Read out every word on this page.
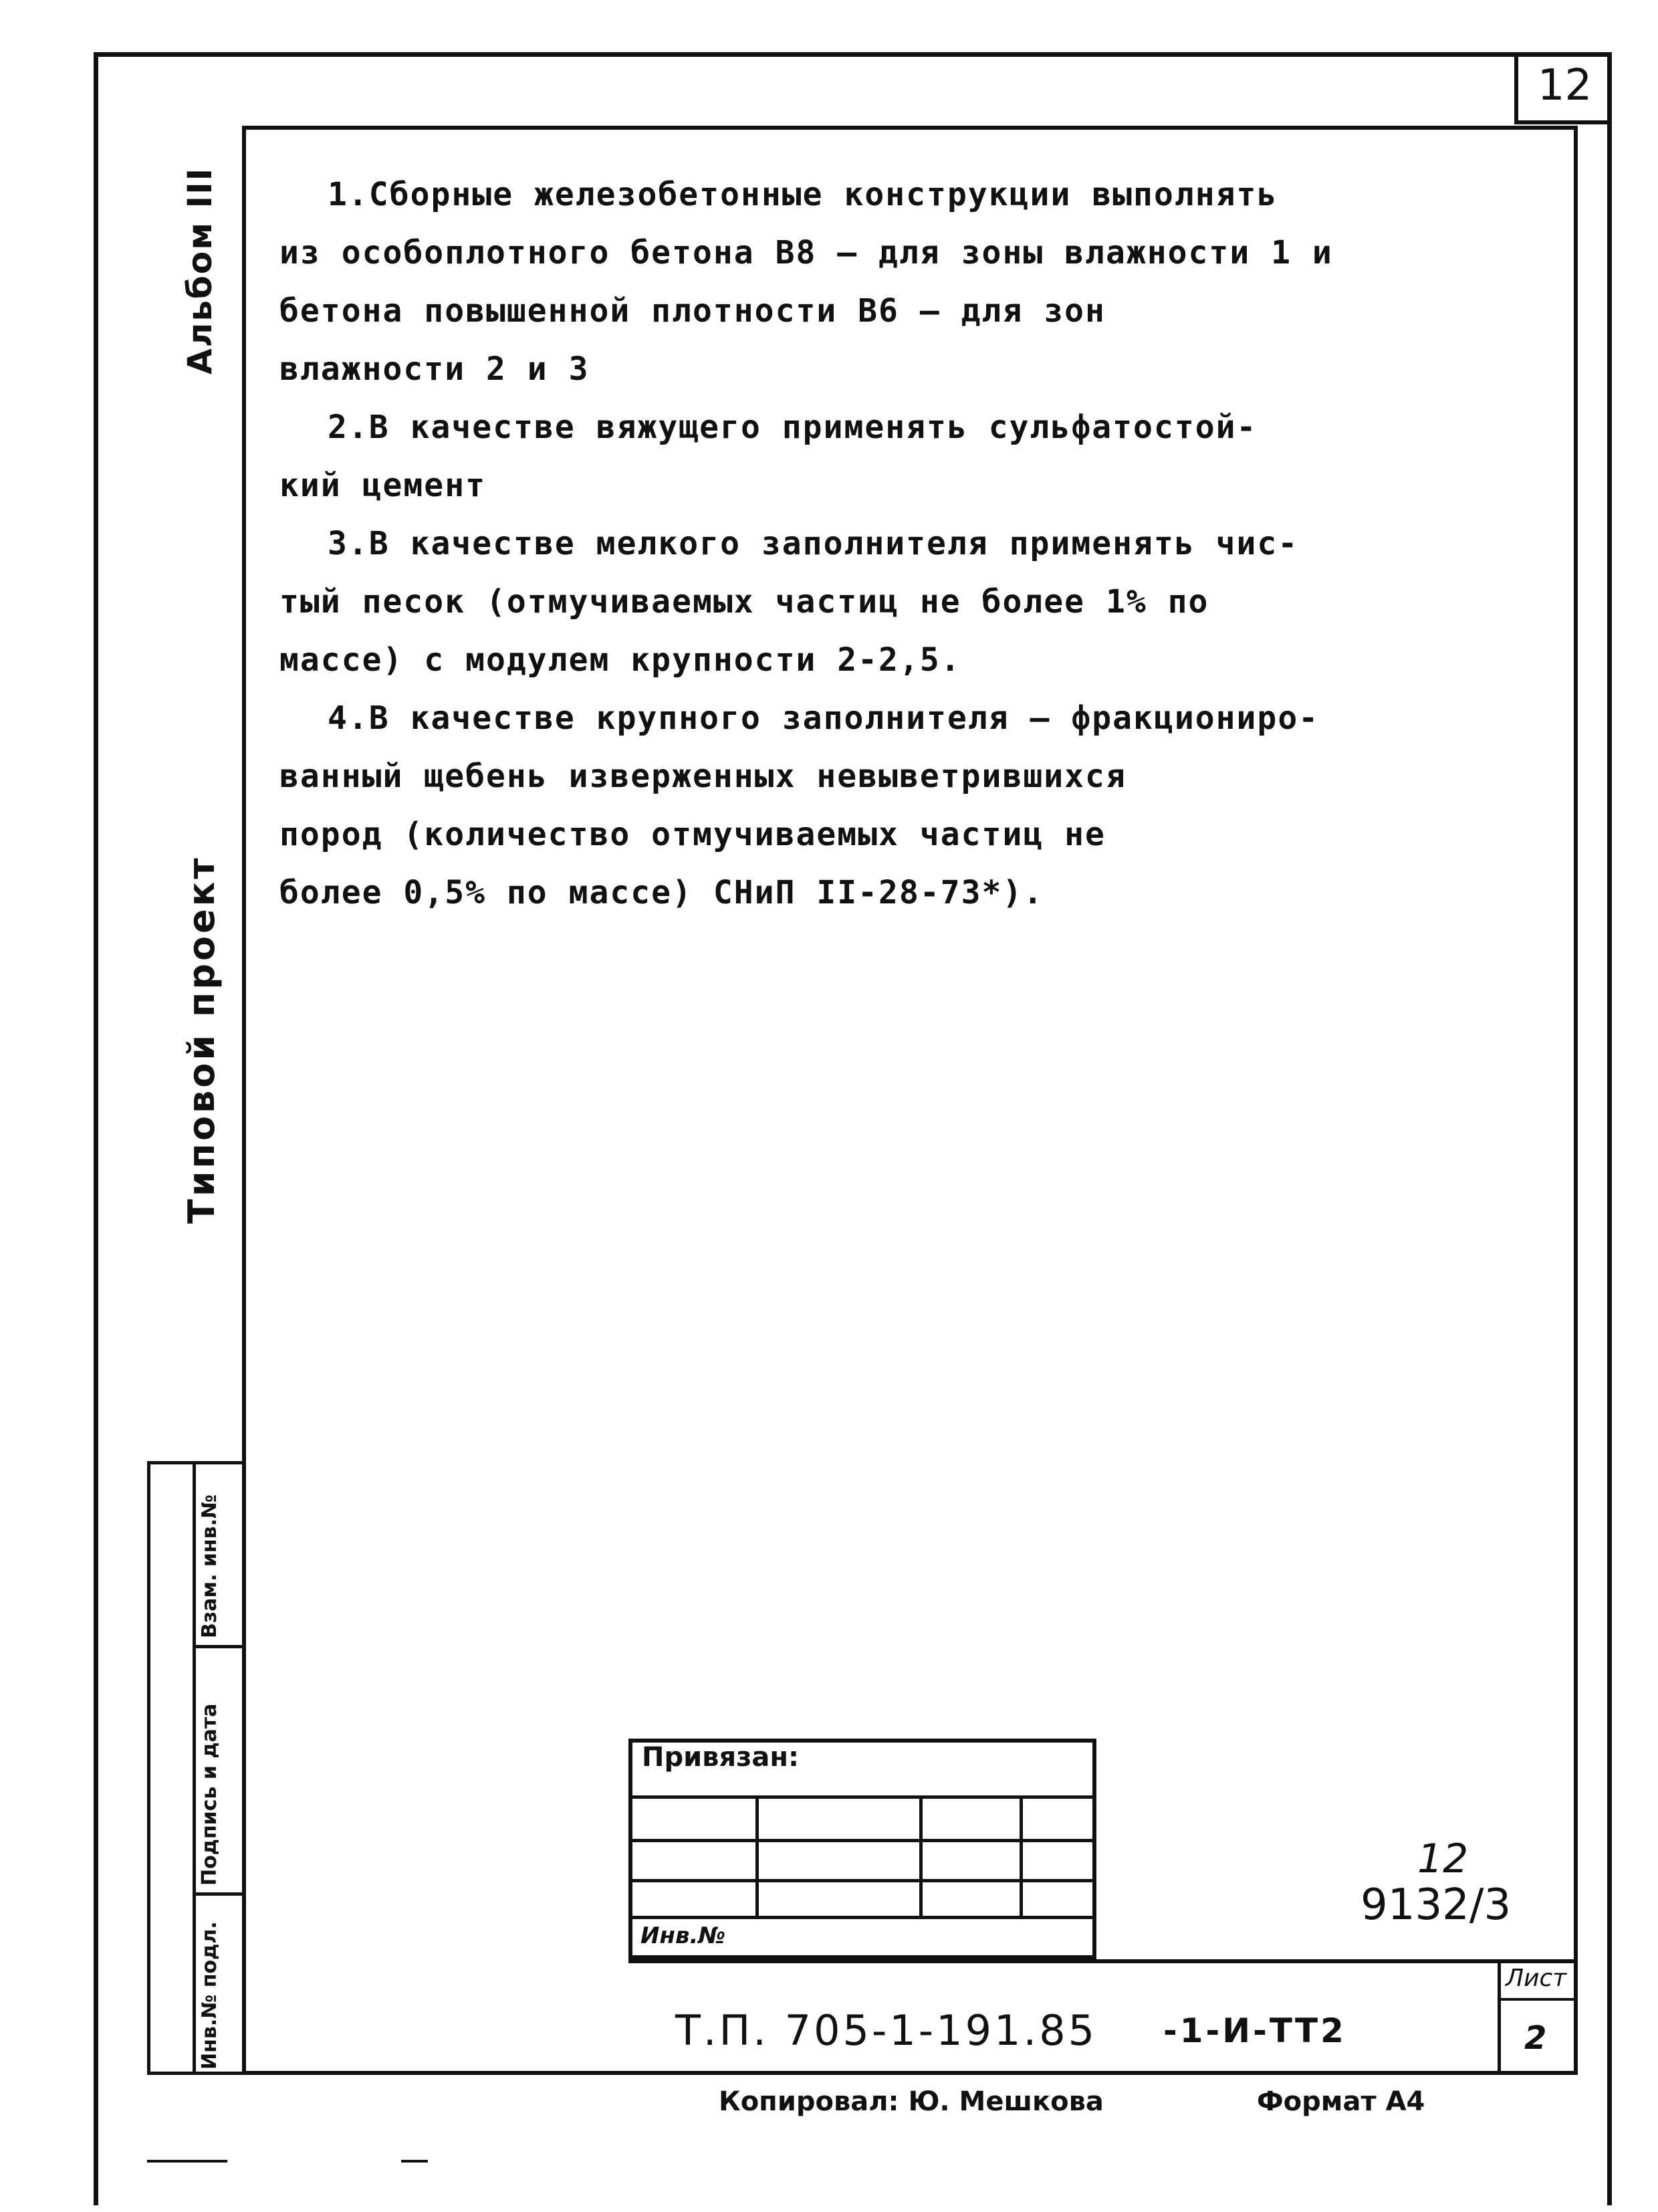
12
Альбом III
Типовой проект
Взам. инв.№
Подпись и дата
Инв.№ подл.

1.Сборные железобетонные конструкции выполнять

из особоплотного бетона В8 – для зоны влажности 1 и

бетона повышенной плотности В6 – для зон

влажности 2 и 3

2.В качестве вяжущего применять сульфатостой-

кий цемент

3.В качестве мелкого заполнителя применять чис-

тый песок (отмучиваемых частиц не более 1% по

массе) с модулем крупности 2-2,5.

4.В качестве крупного заполнителя – фракциониро-

ванный щебень изверженных невыветрившихся

пород (количество отмучиваемых частиц не

более 0,5% по массе) СНиП II-28-73*).

Привязан:
Инв.№
12
9132/3
Лист
2
Т.П. 705-1-191.85 -1-И-ТТ2
Копировал: Ю. Мешкова	Формат А4
